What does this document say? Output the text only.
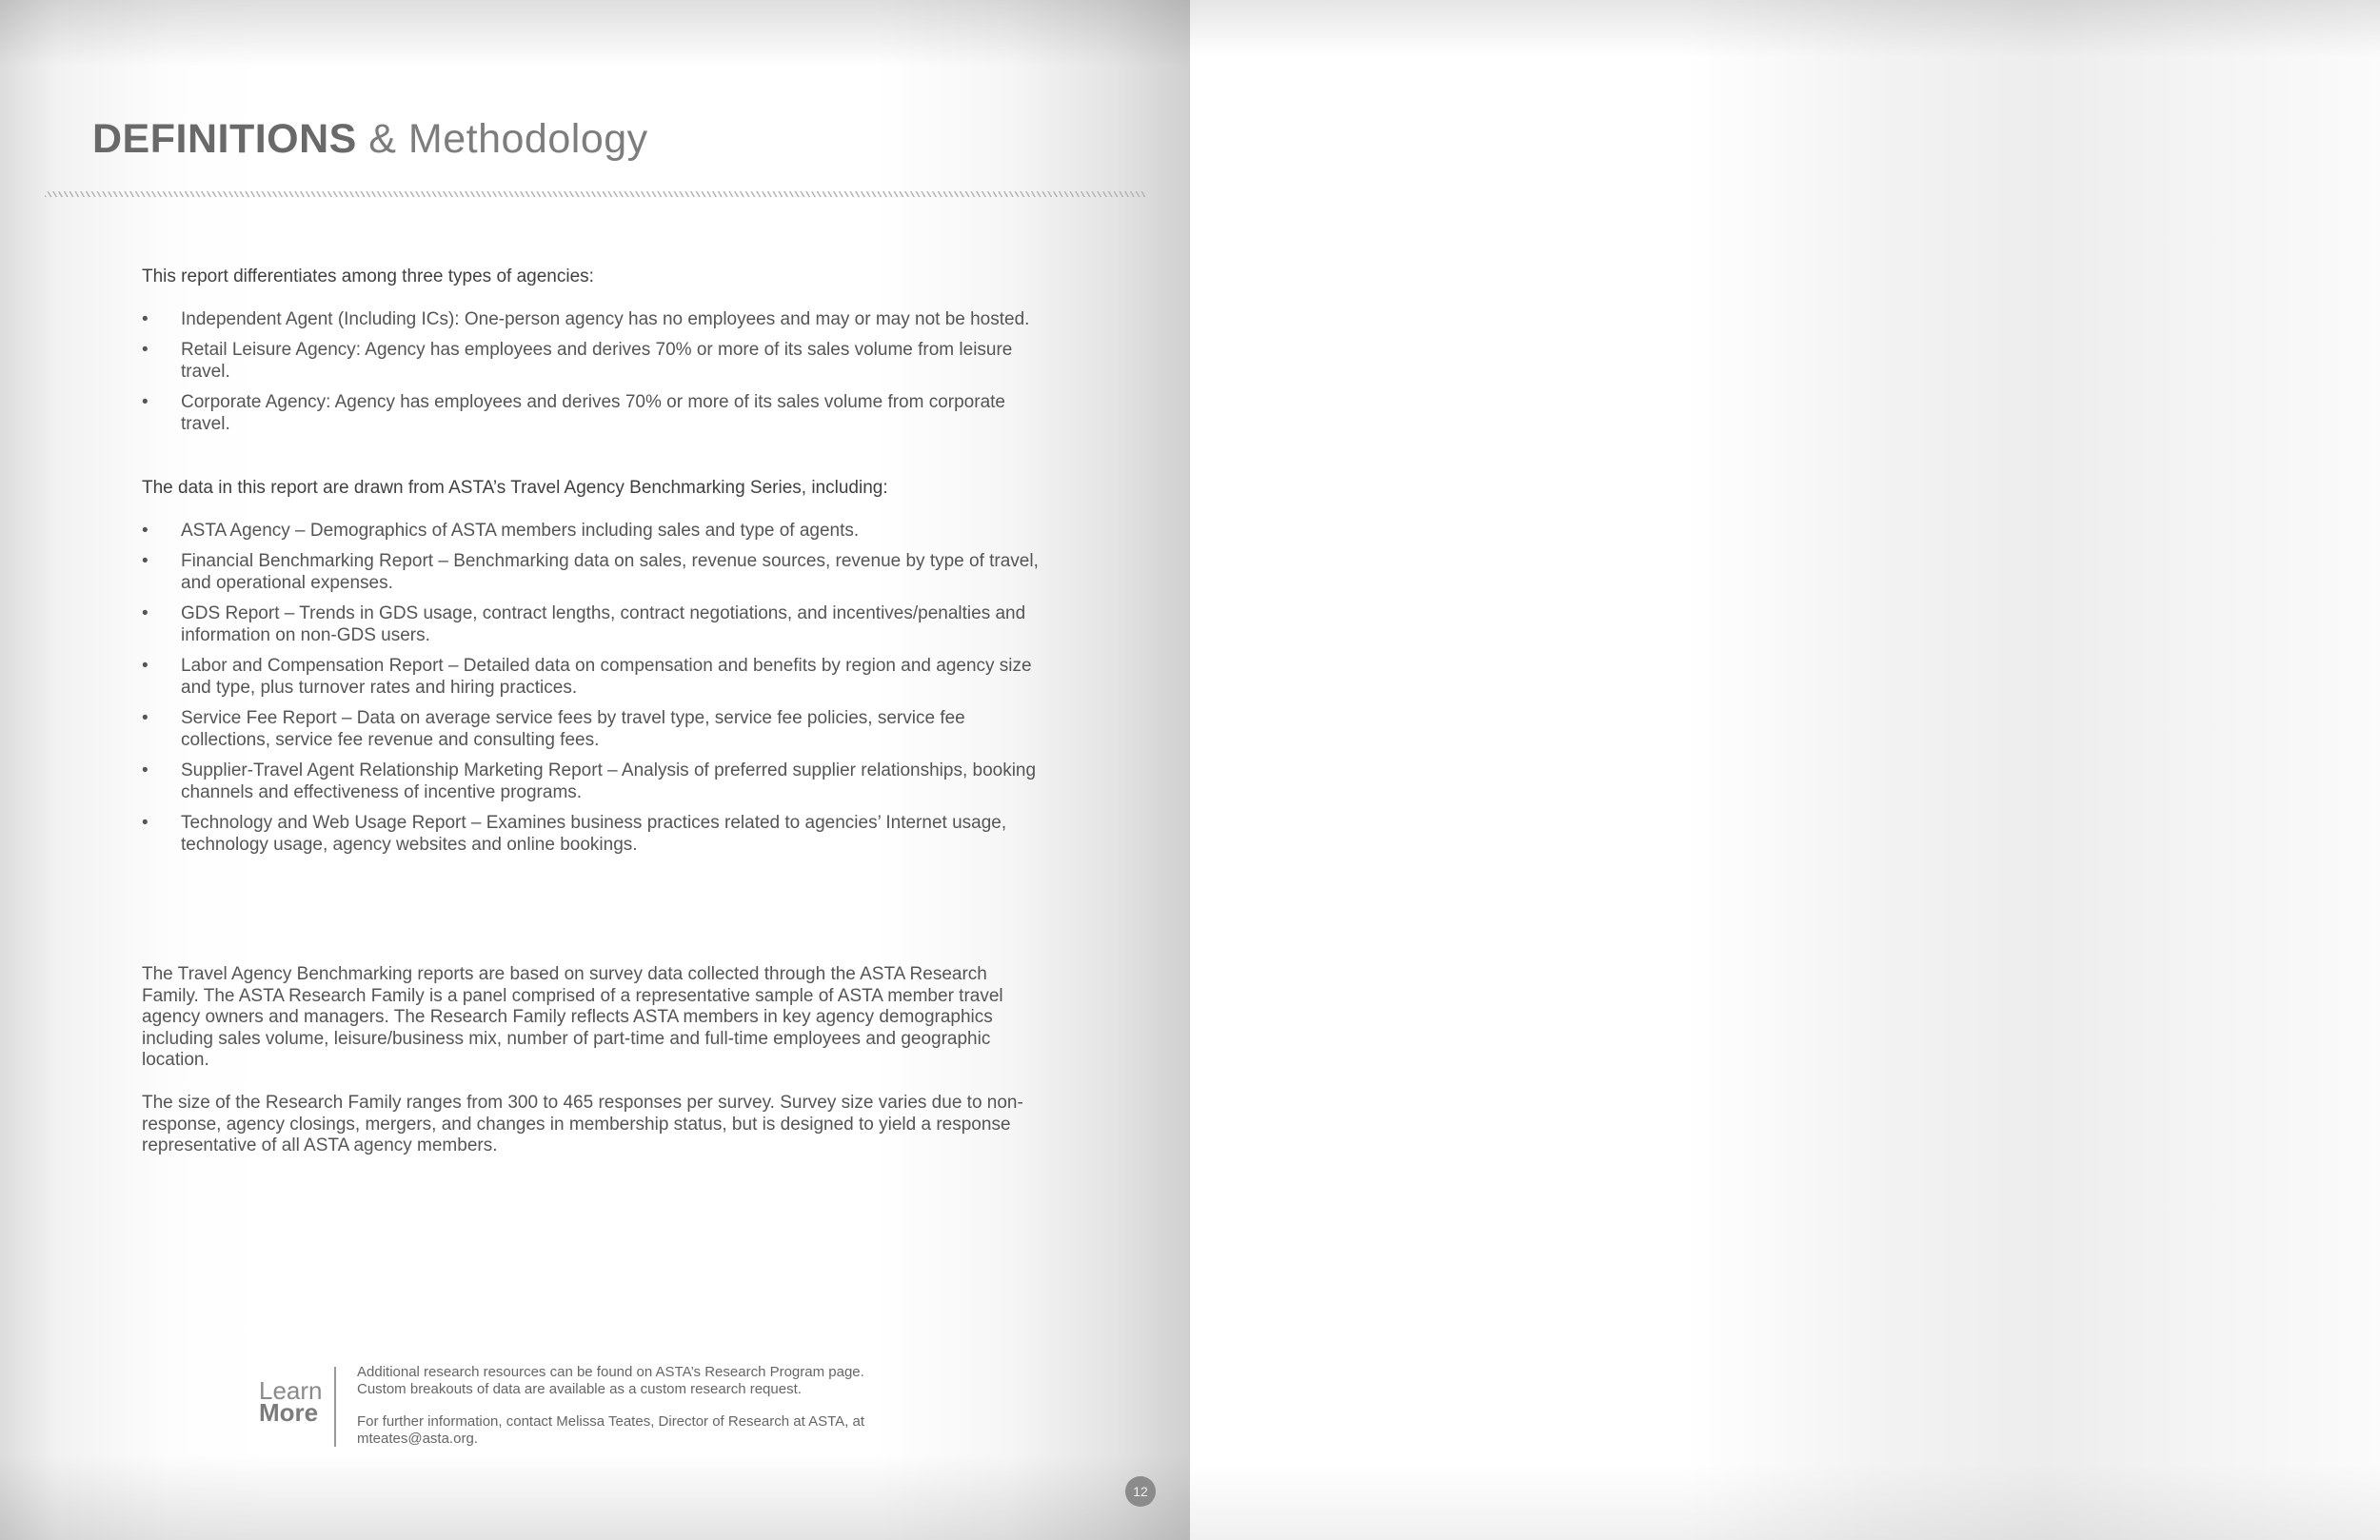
DEFINITIONS & Methodology

This report differentiates among three types of agencies:

•	Independent Agent (Including ICs): One-person agency has no employees and may or may not be hosted.
•	Retail Leisure Agency: Agency has employees and derives 70% or more of its sales volume from leisure travel.
•	Corporate Agency: Agency has employees and derives 70% or more of its sales volume from corporate travel.

The data in this report are drawn from ASTA’s Travel Agency Benchmarking Series, including:

•	ASTA Agency – Demographics of ASTA members including sales and type of agents.
•	Financial Benchmarking Report – Benchmarking data on sales, revenue sources, revenue by type of travel, and operational expenses.
•	GDS Report – Trends in GDS usage, contract lengths, contract negotiations, and incentives/penalties and information on non-GDS users.
•	Labor and Compensation Report – Detailed data on compensation and benefits by region and agency size and type, plus turnover rates and hiring practices.
•	Service Fee Report – Data on average service fees by travel type, service fee policies, service fee collections, service fee revenue and consulting fees.
•	Supplier-Travel Agent Relationship Marketing Report – Analysis of preferred supplier relationships, booking channels and effectiveness of incentive programs.
•	Technology and Web Usage Report – Examines business practices related to agencies’ Internet usage, technology usage, agency websites and online bookings.

The Travel Agency Benchmarking reports are based on survey data collected through the ASTA Research Family. The ASTA Research Family is a panel comprised of a representative sample of ASTA member travel agency owners and managers. The Research Family reflects ASTA members in key agency demographics including sales volume, leisure/business mix, number of part-time and full-time employees and geographic location.

The size of the Research Family ranges from 300 to 465 responses per survey. Survey size varies due to non-response, agency closings, mergers, and changes in membership status, but is designed to yield a response representative of all ASTA agency members.

Learn
More

Additional research resources can be found on ASTA’s Research Program page.

Custom breakouts of data are available as a custom research request.

For further information, contact Melissa Teates, Director of Research at ASTA, at mteates@asta.org.

12
